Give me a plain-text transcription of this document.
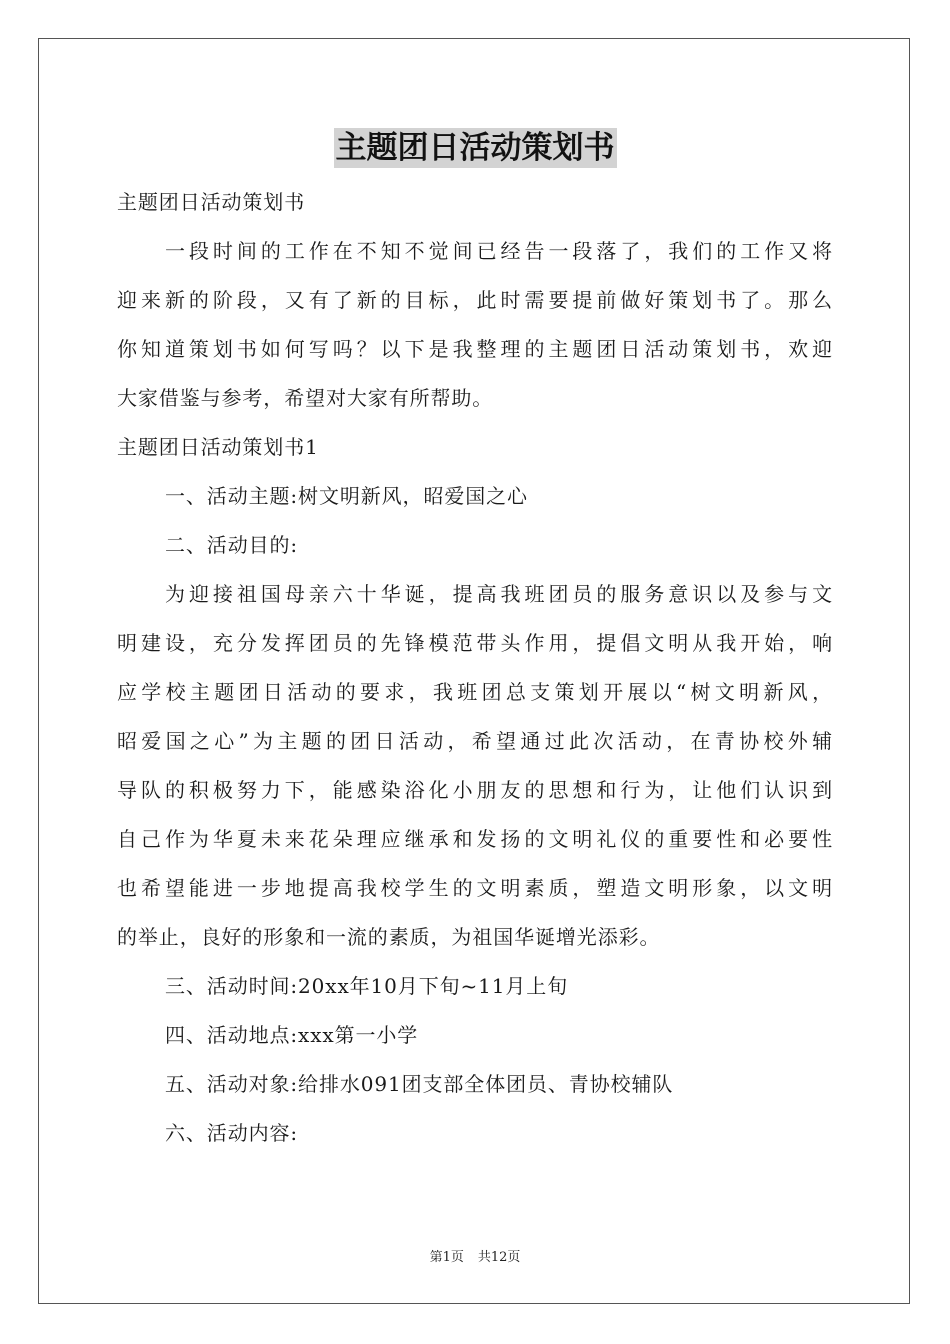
主题团日活动策划书
主题团日活动策划书
一段时间的工作在不知不觉间已经告一段落了，我们的工作又将
迎来新的阶段，又有了新的目标，此时需要提前做好策划书了。那么
你知道策划书如何写吗？以下是我整理的主题团日活动策划书，欢迎
大家借鉴与参考，希望对大家有所帮助。
主题团日活动策划书1
一、活动主题:树文明新风，昭爱国之心
二、活动目的:
为迎接祖国母亲六十华诞，提高我班团员的服务意识以及参与文
明建设，充分发挥团员的先锋模范带头作用，提倡文明从我开始，响
应学校主题团日活动的要求，我班团总支策划开展以“树文明新风，
昭爱国之心”为主题的团日活动，希望通过此次活动，在青协校外辅
导队的积极努力下，能感染浴化小朋友的思想和行为，让他们认识到
自己作为华夏未来花朵理应继承和发扬的文明礼仪的重要性和必要性
也希望能进一步地提高我校学生的文明素质，塑造文明形象，以文明
的举止，良好的形象和一流的素质，为祖国华诞增光添彩。
三、活动时间:20xx年10月下旬~11月上旬
四、活动地点:xxx第一小学
五、活动对象:给排水091团支部全体团员、青协校辅队
六、活动内容:
第1页 共12页
